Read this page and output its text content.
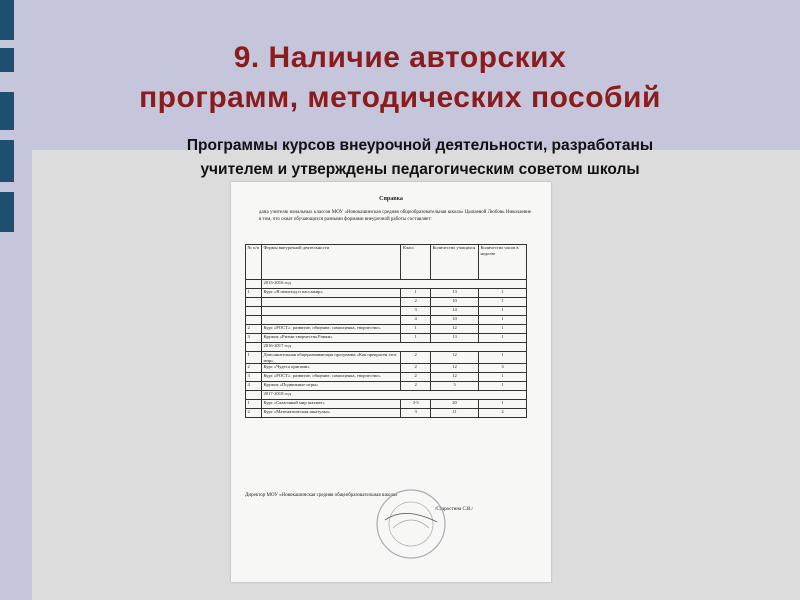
9. Наличие авторских
программ, методических пособий
Программы курсов внеурочной деятельности, разработаны
учителем и утверждены педагогическим советом школы
Справка
дана учителю начальных классов МОУ «Новокашинская средняя общеобразовательная школа» Цыпаевой Любовь Николаевне в том, что охват обучающихся разными формами внеурочной работы составляет:
№ п/п	Формы внеурочной деятельности	Класс	Количество учащихся	Количество часов в неделю
	2015-2016 год			
1	Курс «Я пешеход и пассажир»	1	13	1
		2	10	1
		3	14	1
		4	10	1
2	Курс «РОСТ»: развитие, общение, самооценка, творчество»	1	12	1
3	Кружок «Ритми творчества Рамки»	1	13	1
	2016-2017 год			
1	Дополнительная общеразвивающая программа «Как прекрасен этот мир»	2	12	1
2	Курс «Чудеса оригами»	2	12	3
3	Курс «РОСТ»: развитие, общение, самооценка, творчество»	2	12	1
4	Кружок «Подвижные игры»	2	3	1
	2017-2018 год			
1	Курс «Сказочный мир шахмат»	3-5	20	1
2	Курс «Математическая шкатулка»	3	11	2
Директор МОУ «Новокашинская средняя общеобразовательная школа»
/Старостина С.В./
